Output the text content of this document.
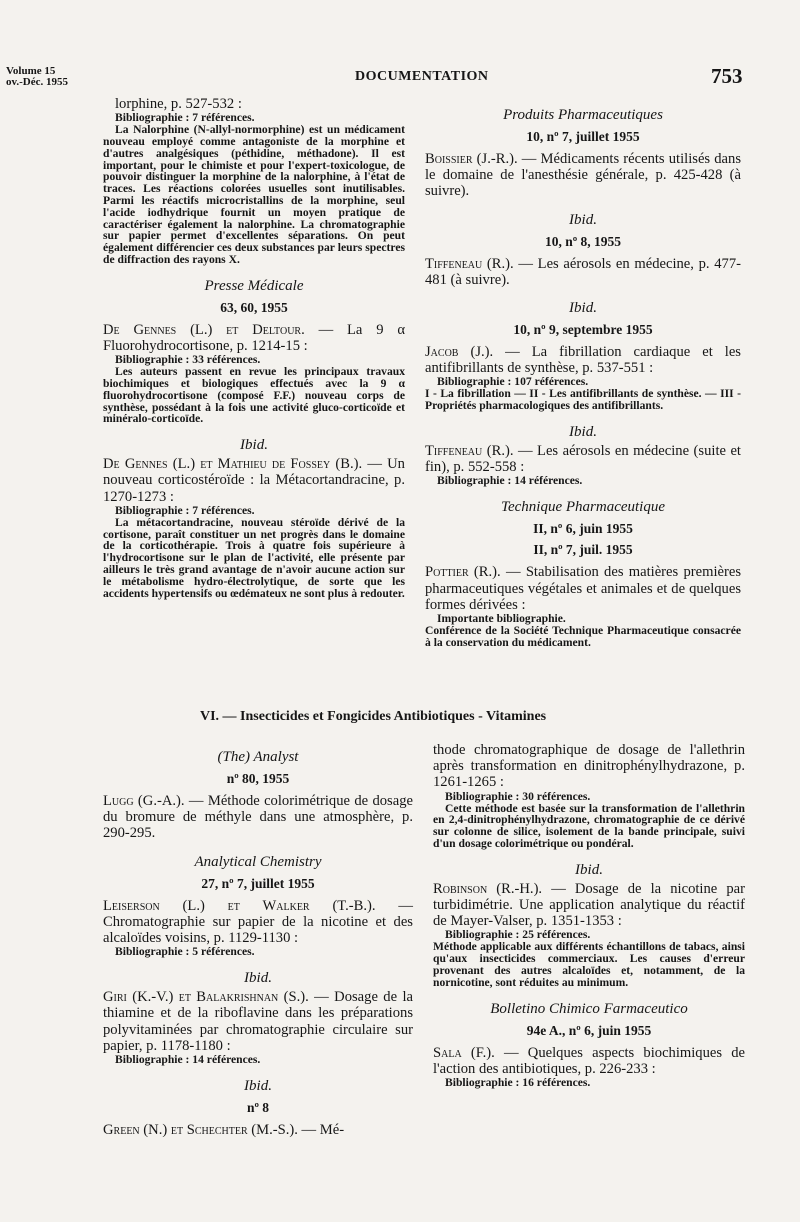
Volume 15
ov.-Déc. 1955	DOCUMENTATION	753

lorphine, p. 527-532 :

Bibliographie : 7 références.

La Nalorphine (N-allyl-normorphine) est un médicament nouveau employé comme antagoniste de la morphine et d'autres analgésiques (péthidine, méthadone). Il est important, pour le chimiste et pour l'expert-toxicologue, de pouvoir distinguer la morphine de la nalorphine, à l'état de traces. Les réactions colorées usuelles sont inutilisables. Parmi les réactifs microcristallins de la morphine, seul l'acide iodhydrique fournit un moyen pratique de caractériser également la nalorphine. La chromatographie sur papier permet d'excellentes séparations. On peut également différencier ces deux substances par leurs spectres de diffraction des rayons X.

Presse Médicale
63, 60, 1955

De Gennes (L.) et Deltour. — La 9 α Fluorohydrocortisone, p. 1214-15 :

Bibliographie : 33 références.

Les auteurs passent en revue les principaux travaux biochimiques et biologiques effectués avec la 9 α fluorohydrocortisone (composé F.F.) nouveau corps de synthèse, possédant à la fois une activité gluco-corticoïde et minéralo-corticoïde.

Ibid.

De Gennes (L.) et Mathieu de Fossey (B.). — Un nouveau corticostéroïde : la Métacortandracine, p. 1270-1273 :

Bibliographie : 7 références.

La métacortandracine, nouveau stéroïde dérivé de la cortisone, paraît constituer un net progrès dans le domaine de la corticothérapie. Trois à quatre fois supérieure à l'hydrocortisone sur le plan de l'activité, elle présente par ailleurs le très grand avantage de n'avoir aucune action sur le métabolisme hydro-électrolytique, de sorte que les accidents hypertensifs ou œdémateux ne sont plus à redouter.

Produits Pharmaceutiques
10, nº 7, juillet 1955

Boissier (J.-R.). — Médicaments récents utilisés dans le domaine de l'anesthésie générale, p. 425-428 (à suivre).

Ibid.
10, nº 8, 1955

Tiffeneau (R.). — Les aérosols en médecine, p. 477-481 (à suivre).

Ibid.
10, nº 9, septembre 1955

Jacob (J.). — La fibrillation cardiaque et les antifibrillants de synthèse, p. 537-551 :

Bibliographie : 107 références.

I - La fibrillation — II - Les antifibrillants de synthèse. — III - Propriétés pharmacologiques des antifibrillants.

Ibid.

Tiffeneau (R.). — Les aérosols en médecine (suite et fin), p. 552-558 :

Bibliographie : 14 références.

Technique Pharmaceutique
II, nº 6, juin 1955
II, nº 7, juil. 1955

Pottier (R.). — Stabilisation des matières premières pharmaceutiques végétales et animales et de quelques formes dérivées :

Importante bibliographie.

Conférence de la Société Technique Pharmaceutique consacrée à la conservation du médicament.

VI. — Insecticides et Fongicides Antibiotiques - Vitamines
(The) Analyst
nº 80, 1955

Lugg (G.-A.). — Méthode colorimétrique de dosage du bromure de méthyle dans une atmosphère, p. 290-295.

Analytical Chemistry
27, nº 7, juillet 1955

Leiserson (L.) et Walker (T.-B.). — Chromatographie sur papier de la nicotine et des alcaloïdes voisins, p. 1129-1130 :

Bibliographie : 5 références.

Ibid.

Giri (K.-V.) et Balakrishnan (S.). — Dosage de la thiamine et de la riboflavine dans les préparations polyvitaminées par chromatographie circulaire sur papier, p. 1178-1180 :

Bibliographie : 14 références.

Ibid.
nº 8

Green (N.) et Schechter (M.-S.). — Mé-

thode chromatographique de dosage de l'allethrin après transformation en dinitrophénylhydrazone, p. 1261-1265 :

Bibliographie : 30 références.

Cette méthode est basée sur la transformation de l'allethrin en 2,4-dinitrophénylhydrazone, chromatographie de ce dérivé sur colonne de silice, isolement de la bande principale, suivi d'un dosage colorimétrique ou pondéral.

Ibid.

Robinson (R.-H.). — Dosage de la nicotine par turbidimétrie. Une application analytique du réactif de Mayer-Valser, p. 1351-1353 :

Bibliographie : 25 références.

Méthode applicable aux différents échantillons de tabacs, ainsi qu'aux insecticides commerciaux. Les causes d'erreur provenant des autres alcaloïdes et, notamment, de la nornicotine, sont réduites au minimum.

Bolletino Chimico Farmaceutico
94e A., nº 6, juin 1955

Sala (F.). — Quelques aspects biochimiques de l'action des antibiotiques, p. 226-233 :

Bibliographie : 16 références.
